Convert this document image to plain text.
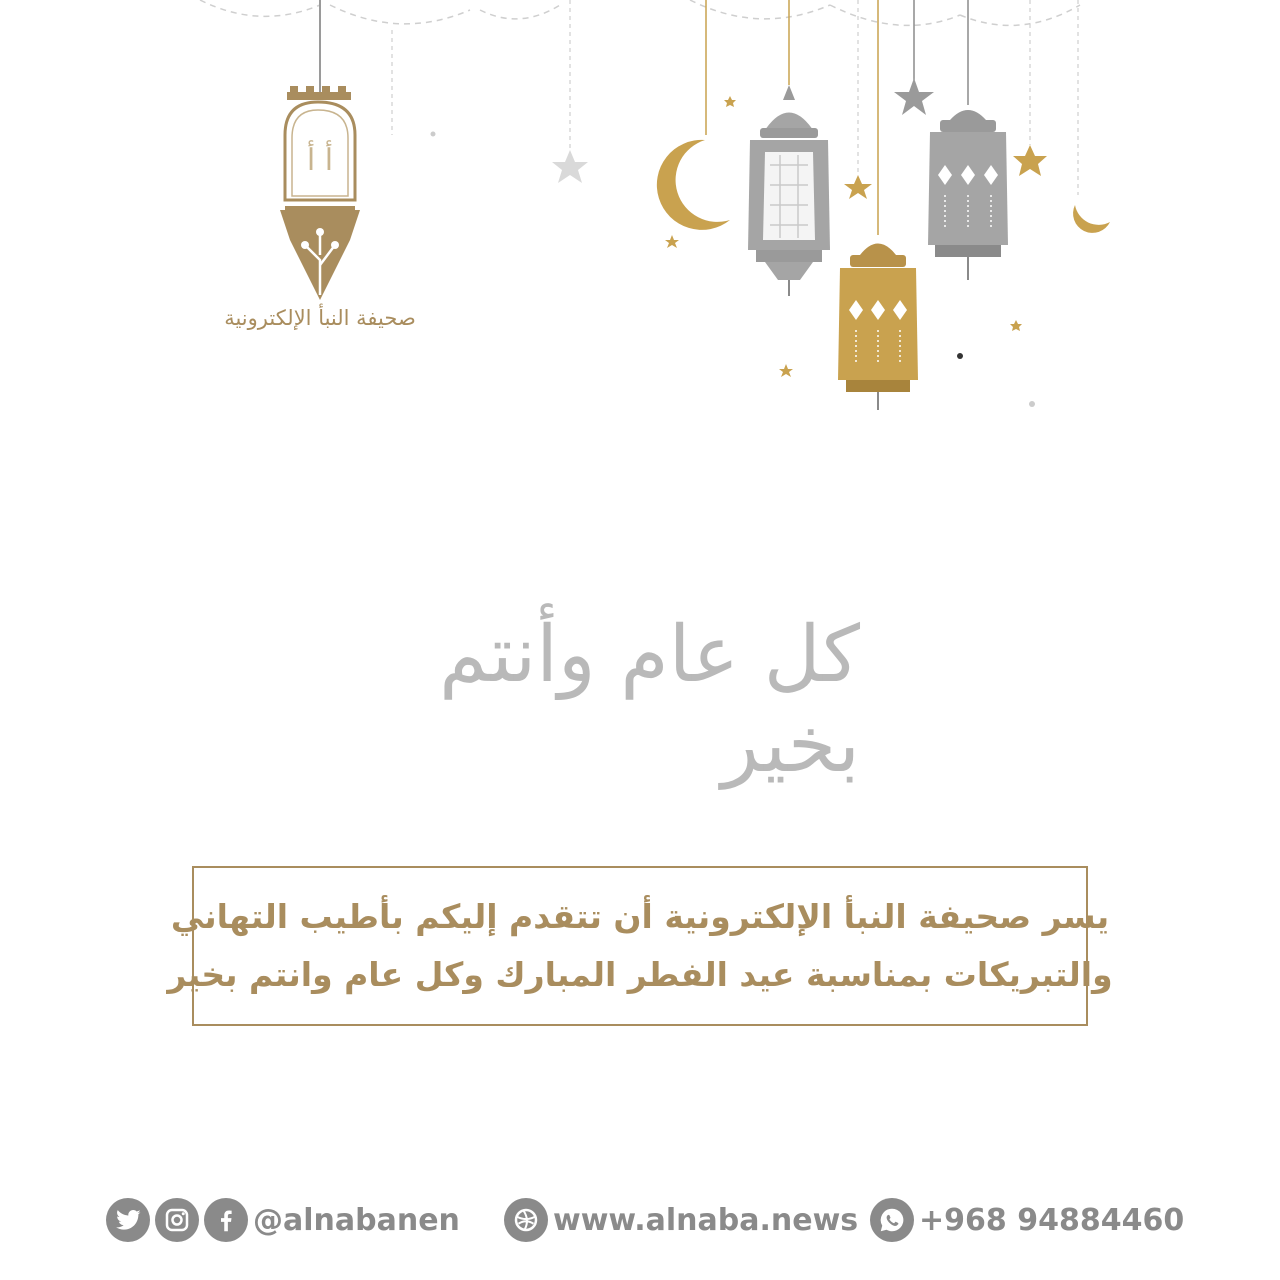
أ أ
صحيفة النبأ الإلكترونية
كل عام وأنتم بخير
يسر صحيفة النبأ الإلكترونية أن تتقدم إليكم بأطيب التهاني
والتبريكات بمناسبة عيد الفطر المبارك وكل عام وانتم بخير
@alnabanen	www.alnaba.news +968 94884460
